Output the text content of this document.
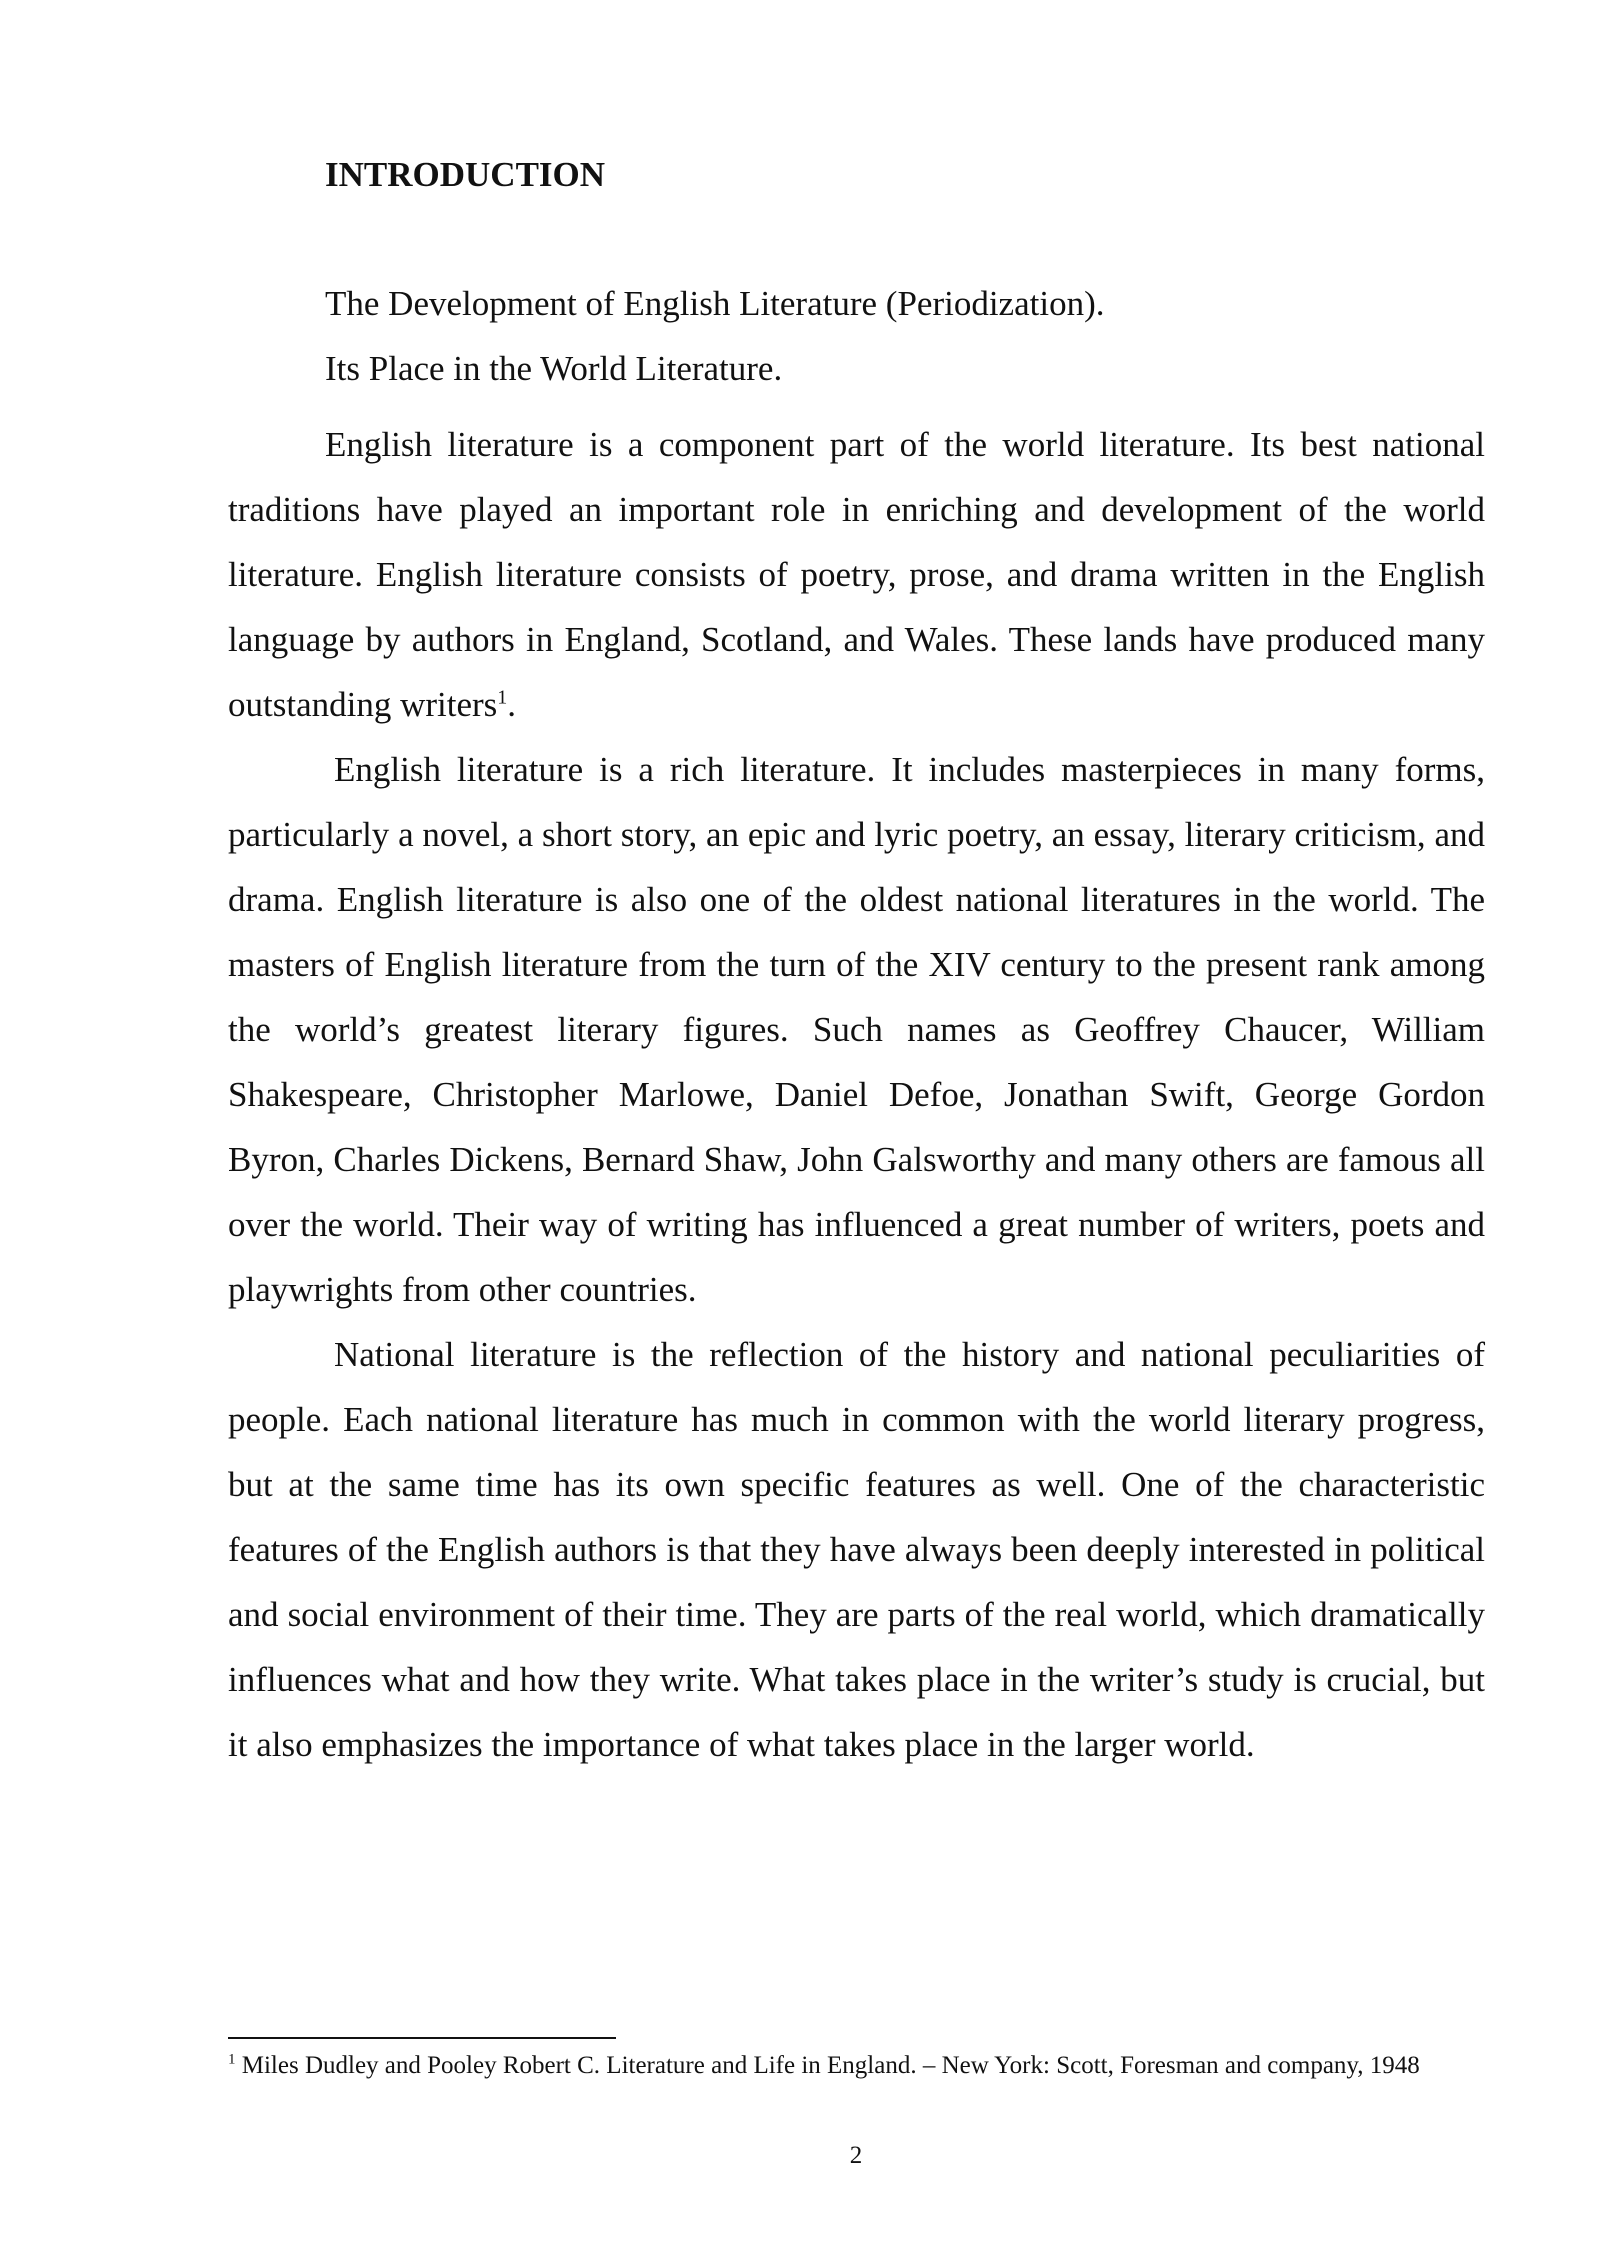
INTRODUCTION

The Development of English Literature (Periodization).

Its Place in the World Literature.

English literature is a component part of the world literature. Its best national traditions have played an important role in enriching and development of the world literature. English literature consists of poetry, prose, and drama written in the English language by authors in England, Scotland, and Wales. These lands have produced many outstanding writers$^1$.

English literature is a rich literature. It includes masterpieces in many forms, particularly a novel, a short story, an epic and lyric poetry, an essay, literary criticism, and drama. English literature is also one of the oldest national literatures in the world. The masters of English literature from the turn of the XIV century to the present rank among the world’s greatest literary figures. Such names as Geoffrey Chaucer, William Shakespeare, Christopher Marlowe, Daniel Defoe, Jonathan Swift, George Gordon Byron, Charles Dickens, Bernard Shaw, John Galsworthy and many others are famous all over the world. Their way of writing has influenced a great number of writers, poets and playwrights from other countries.

National literature is the reflection of the history and national peculiarities of people. Each national literature has much in common with the world literary progress, but at the same time has its own specific features as well. One of the characteristic features of the English authors is that they have always been deeply interested in political and social environment of their time. They are parts of the real world, which dramatically influences what and how they write. What takes place in the writer’s study is crucial, but it also emphasizes the importance of what takes place in the larger world.

$^1$ Miles Dudley and Pooley Robert C. Literature and Life in England. – New York: Scott, Foresman and company, 1948

2
